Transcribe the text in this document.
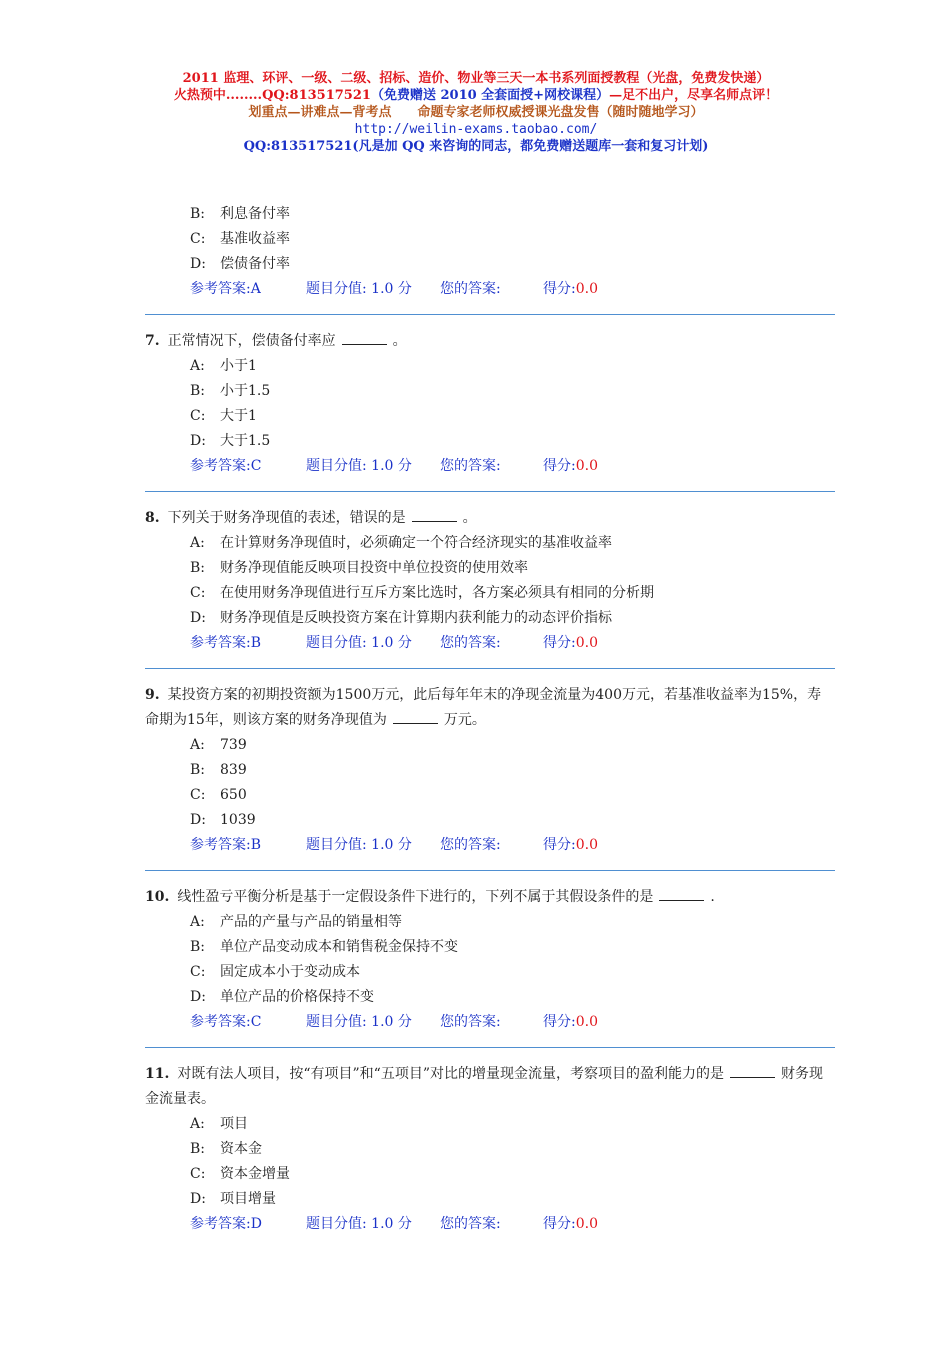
2011 监理、环评、一级、二级、招标、造价、物业等三天一本书系列面授教程（光盘，免费发快递）
火热预中........QQ:813517521（免费赠送 2010 全套面授+网校课程）—足不出户，尽享名师点评！
划重点—讲难点—背考点　　命题专家老师权威授课光盘发售（随时随地学习）
http://weilin-exams.taobao.com/
QQ:813517521(凡是加 QQ 来咨询的同志，都免费赠送题库一套和复习计划)
B: 利息备付率
C: 基准收益率
D: 偿债备付率
参考答案:A	题目分值: 1.0 分 您的答案:	得分:0.0
7. 正常情况下，偿债备付率应	。
A: 小于1
B: 小于1.5
C: 大于1
D: 大于1.5
参考答案:C	题目分值: 1.0 分 您的答案:	得分:0.0
8. 下列关于财务净现值的表述，错误的是	。
A: 在计算财务净现值时，必须确定一个符合经济现实的基准收益率
B: 财务净现值能反映项目投资中单位投资的使用效率
C: 在使用财务净现值进行互斥方案比选时，各方案必须具有相同的分析期
D: 财务净现值是反映投资方案在计算期内获利能力的动态评价指标
参考答案:B	题目分值: 1.0 分 您的答案:	得分:0.0
9. 某投资方案的初期投资额为1500万元，此后每年年末的净现金流量为400万元，若基准收益率为15%，寿命期为15年，则该方案的财务净现值为	万元。
A: 739
B: 839
C: 650
D: 1039
参考答案:B	题目分值: 1.0 分 您的答案:	得分:0.0
10. 线性盈亏平衡分析是基于一定假设条件下进行的，下列不属于其假设条件的是	.
A: 产品的产量与产品的销量相等
B: 单位产品变动成本和销售税金保持不变
C: 固定成本小于变动成本
D: 单位产品的价格保持不变
参考答案:C	题目分值: 1.0 分 您的答案:	得分:0.0
11. 对既有法人项目，按“有项目”和“五项目”对比的增量现金流量，考察项目的盈利能力的是	财务现金流量表。
A: 项目
B: 资本金
C: 资本金增量
D: 项目增量
参考答案:D	题目分值: 1.0 分 您的答案:	得分:0.0
